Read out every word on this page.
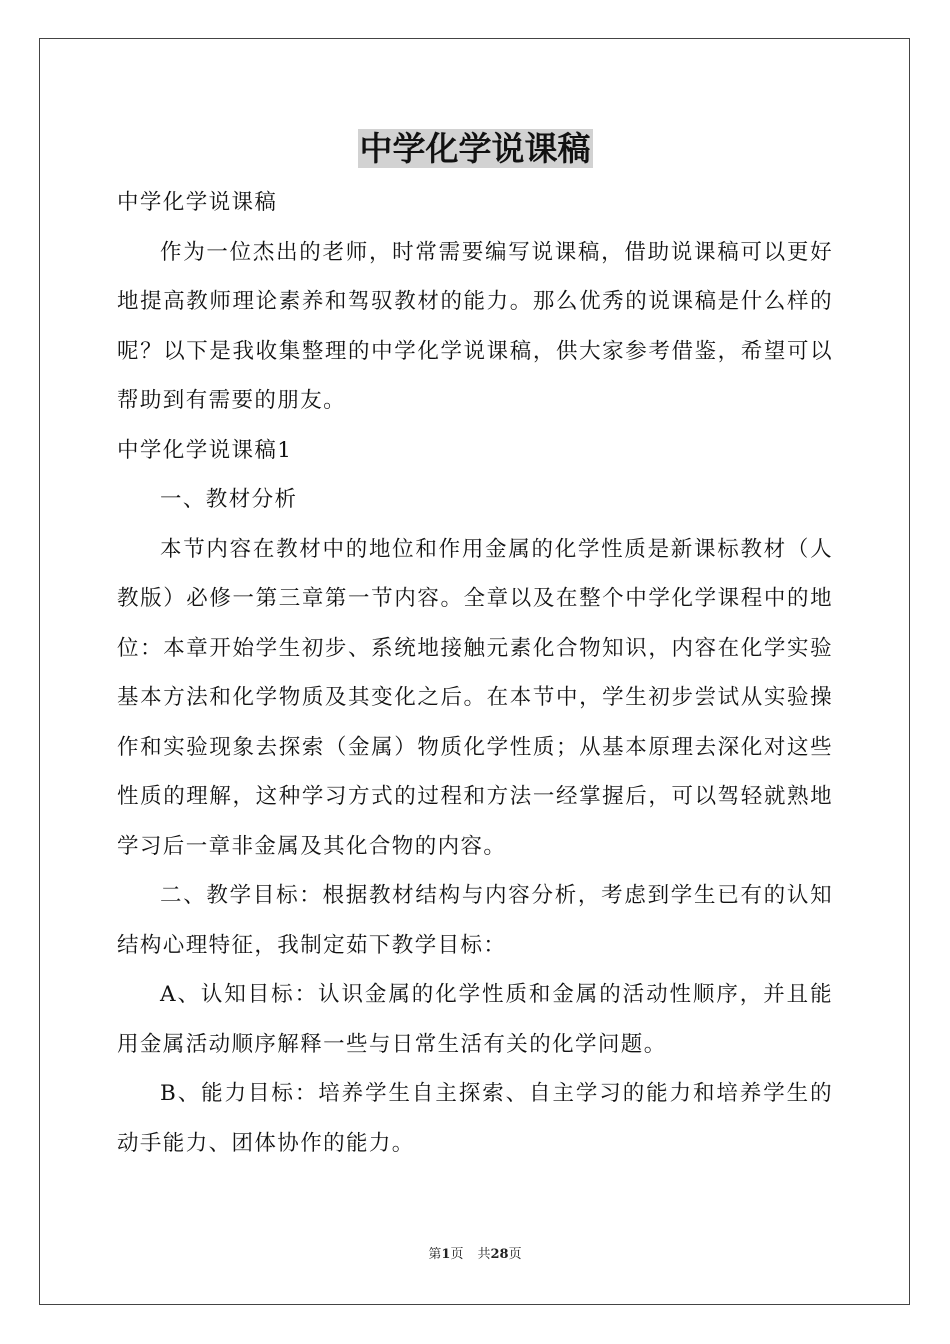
中学化学说课稿

中学化学说课稿

作为一位杰出的老师，时常需要编写说课稿，借助说课稿可以更好地提高教师理论素养和驾驭教材的能力。那么优秀的说课稿是什么样的呢？以下是我收集整理的中学化学说课稿，供大家参考借鉴，希望可以帮助到有需要的朋友。

中学化学说课稿1

一、教材分析

本节内容在教材中的地位和作用金属的化学性质是新课标教材（人教版）必修一第三章第一节内容。全章以及在整个中学化学课程中的地位：本章开始学生初步、系统地接触元素化合物知识，内容在化学实验基本方法和化学物质及其变化之后。在本节中，学生初步尝试从实验操作和实验现象去探索（金属）物质化学性质；从基本原理去深化对这些性质的理解，这种学习方式的过程和方法一经掌握后，可以驾轻就熟地学习后一章非金属及其化合物的内容。

二、教学目标：根据教材结构与内容分析，考虑到学生已有的认知结构心理特征，我制定茹下教学目标：

A、认知目标：认识金属的化学性质和金属的活动性顺序，并且能用金属活动顺序解释一些与日常生活有关的化学问题。

B、能力目标：培养学生自主探索、自主学习的能力和培养学生的动手能力、团体协作的能力。

第1页 共28页
